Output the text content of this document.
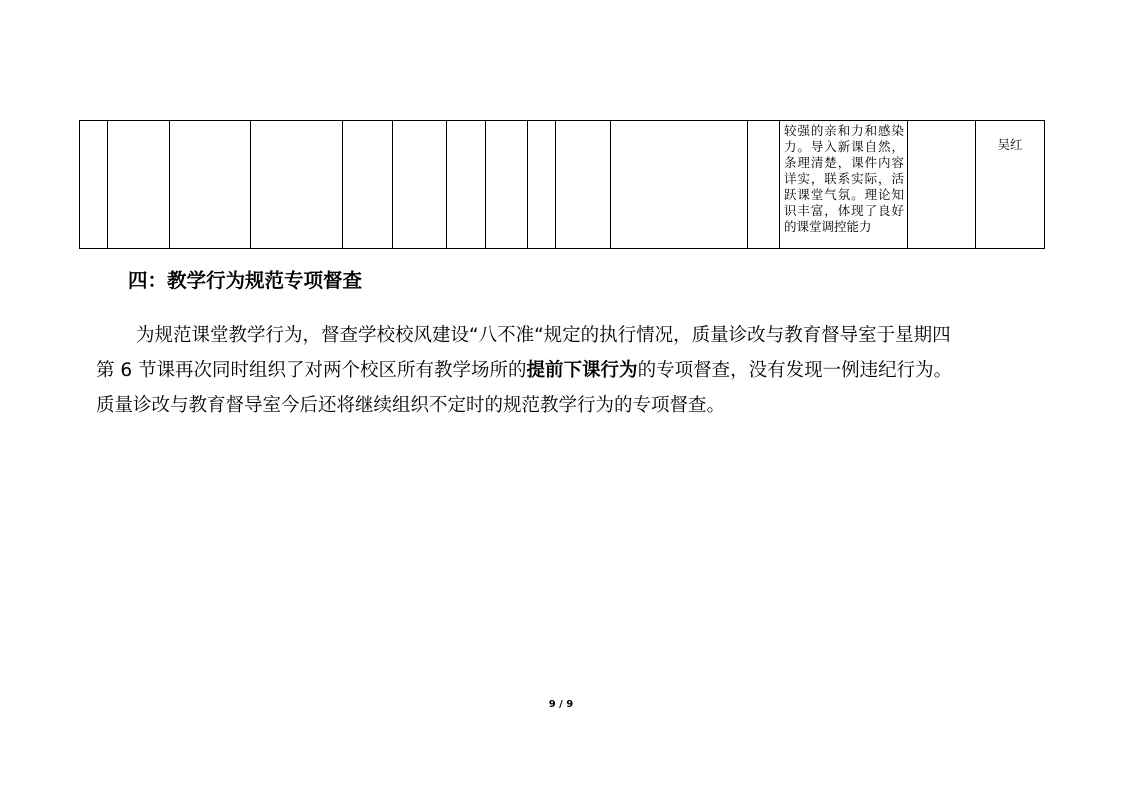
												较强的亲和力和感染力。导入新课自然，条理清楚，课件内容详实，联系实际，活跃课堂气氛。理论知识丰富，体现了良好的课堂调控能力		吴红
四：教学行为规范专项督查

为规范课堂教学行为，督查学校校风建设“八不准“规定的执行情况，质量诊改与教育督导室于星期四
第 6 节课再次同时组织了对两个校区所有教学场所的提前下课行为的专项督查，没有发现一例违纪行为。
质量诊改与教育督导室今后还将继续组织不定时的规范教学行为的专项督查。

9 / 9
